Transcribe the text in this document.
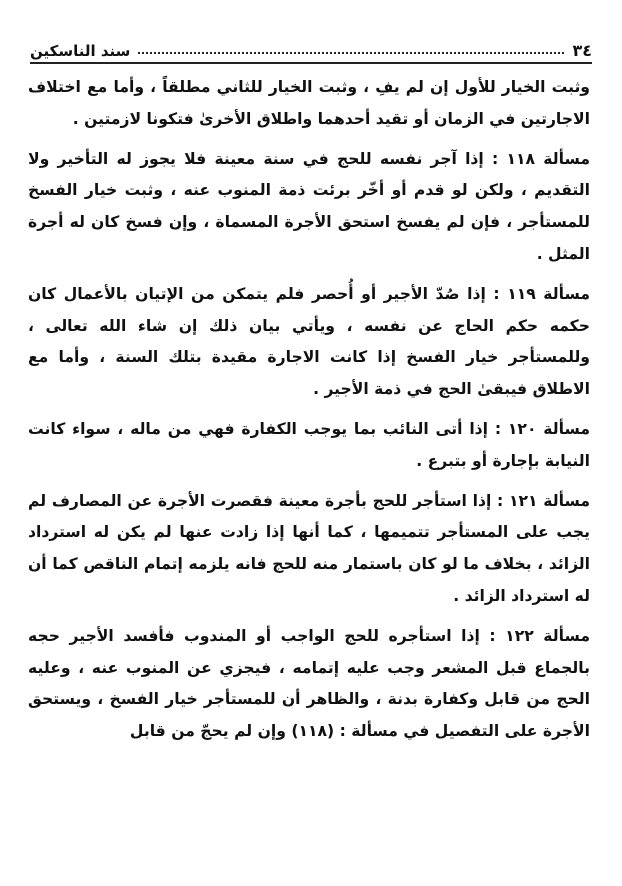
٣٤
سند الناسكين

وثبت الخيار للأول إن لم يفِ ، وثبت الخيار للثاني مطلقاً ، وأما مع اختلاف الاجارتين في الزمان أو تقيد أحدهما واطلاق الأخرىٰ فتكونا لازمتين .

مسألة ١١٨ : إذا آجر نفسه للحج في سنة معينة فلا يجوز له التأخير ولا التقديم ، ولكن لو قدم أو أخّر برئت ذمة المنوب عنه ، وثبت خيار الفسخ للمستأجر ، فإن لم يفسخ استحق الأجرة المسماة ، وإن فسخ كان له أجرة المثل .

مسألة ١١٩ : إذا صُدّ الأجير أو أُحصر فلم يتمكن من الإتيان بالأعمال كان حكمه حكم الحاج عن نفسه ، ويأتي بيان ذلك إن شاء الله تعالى ، وللمستأجر خيار الفسخ إذا كانت الاجارة مقيدة بتلك السنة ، وأما مع الاطلاق فيبقىٰ الحج في ذمة الأجير .

مسألة ١٢٠ : إذا أتى النائب بما يوجب الكفارة فهي من ماله ، سواء كانت النيابة بإجارة أو بتبرع .

مسألة ١٢١ : إذا استأجر للحج بأجرة معينة فقصرت الأجرة عن المصارف لم يجب على المستأجر تتميمها ، كما أنها إذا زادت عنها لم يكن له استرداد الزائد ، بخلاف ما لو كان باستمار منه للحج فانه يلزمه إتمام الناقص كما أن له استرداد الزائد .

مسألة ١٢٢ : إذا استأجره للحج الواجب أو المندوب فأفسد الأجير حجه بالجماع قبل المشعر وجب عليه إتمامه ، فيجزي عن المنوب عنه ، وعليه الحج من قابل وكفارة بدنة ، والظاهر أن للمستأجر خيار الفسخ ، ويستحق الأجرة على التفصيل في مسألة : (١١٨) وإن لم يحجّ من قابل
